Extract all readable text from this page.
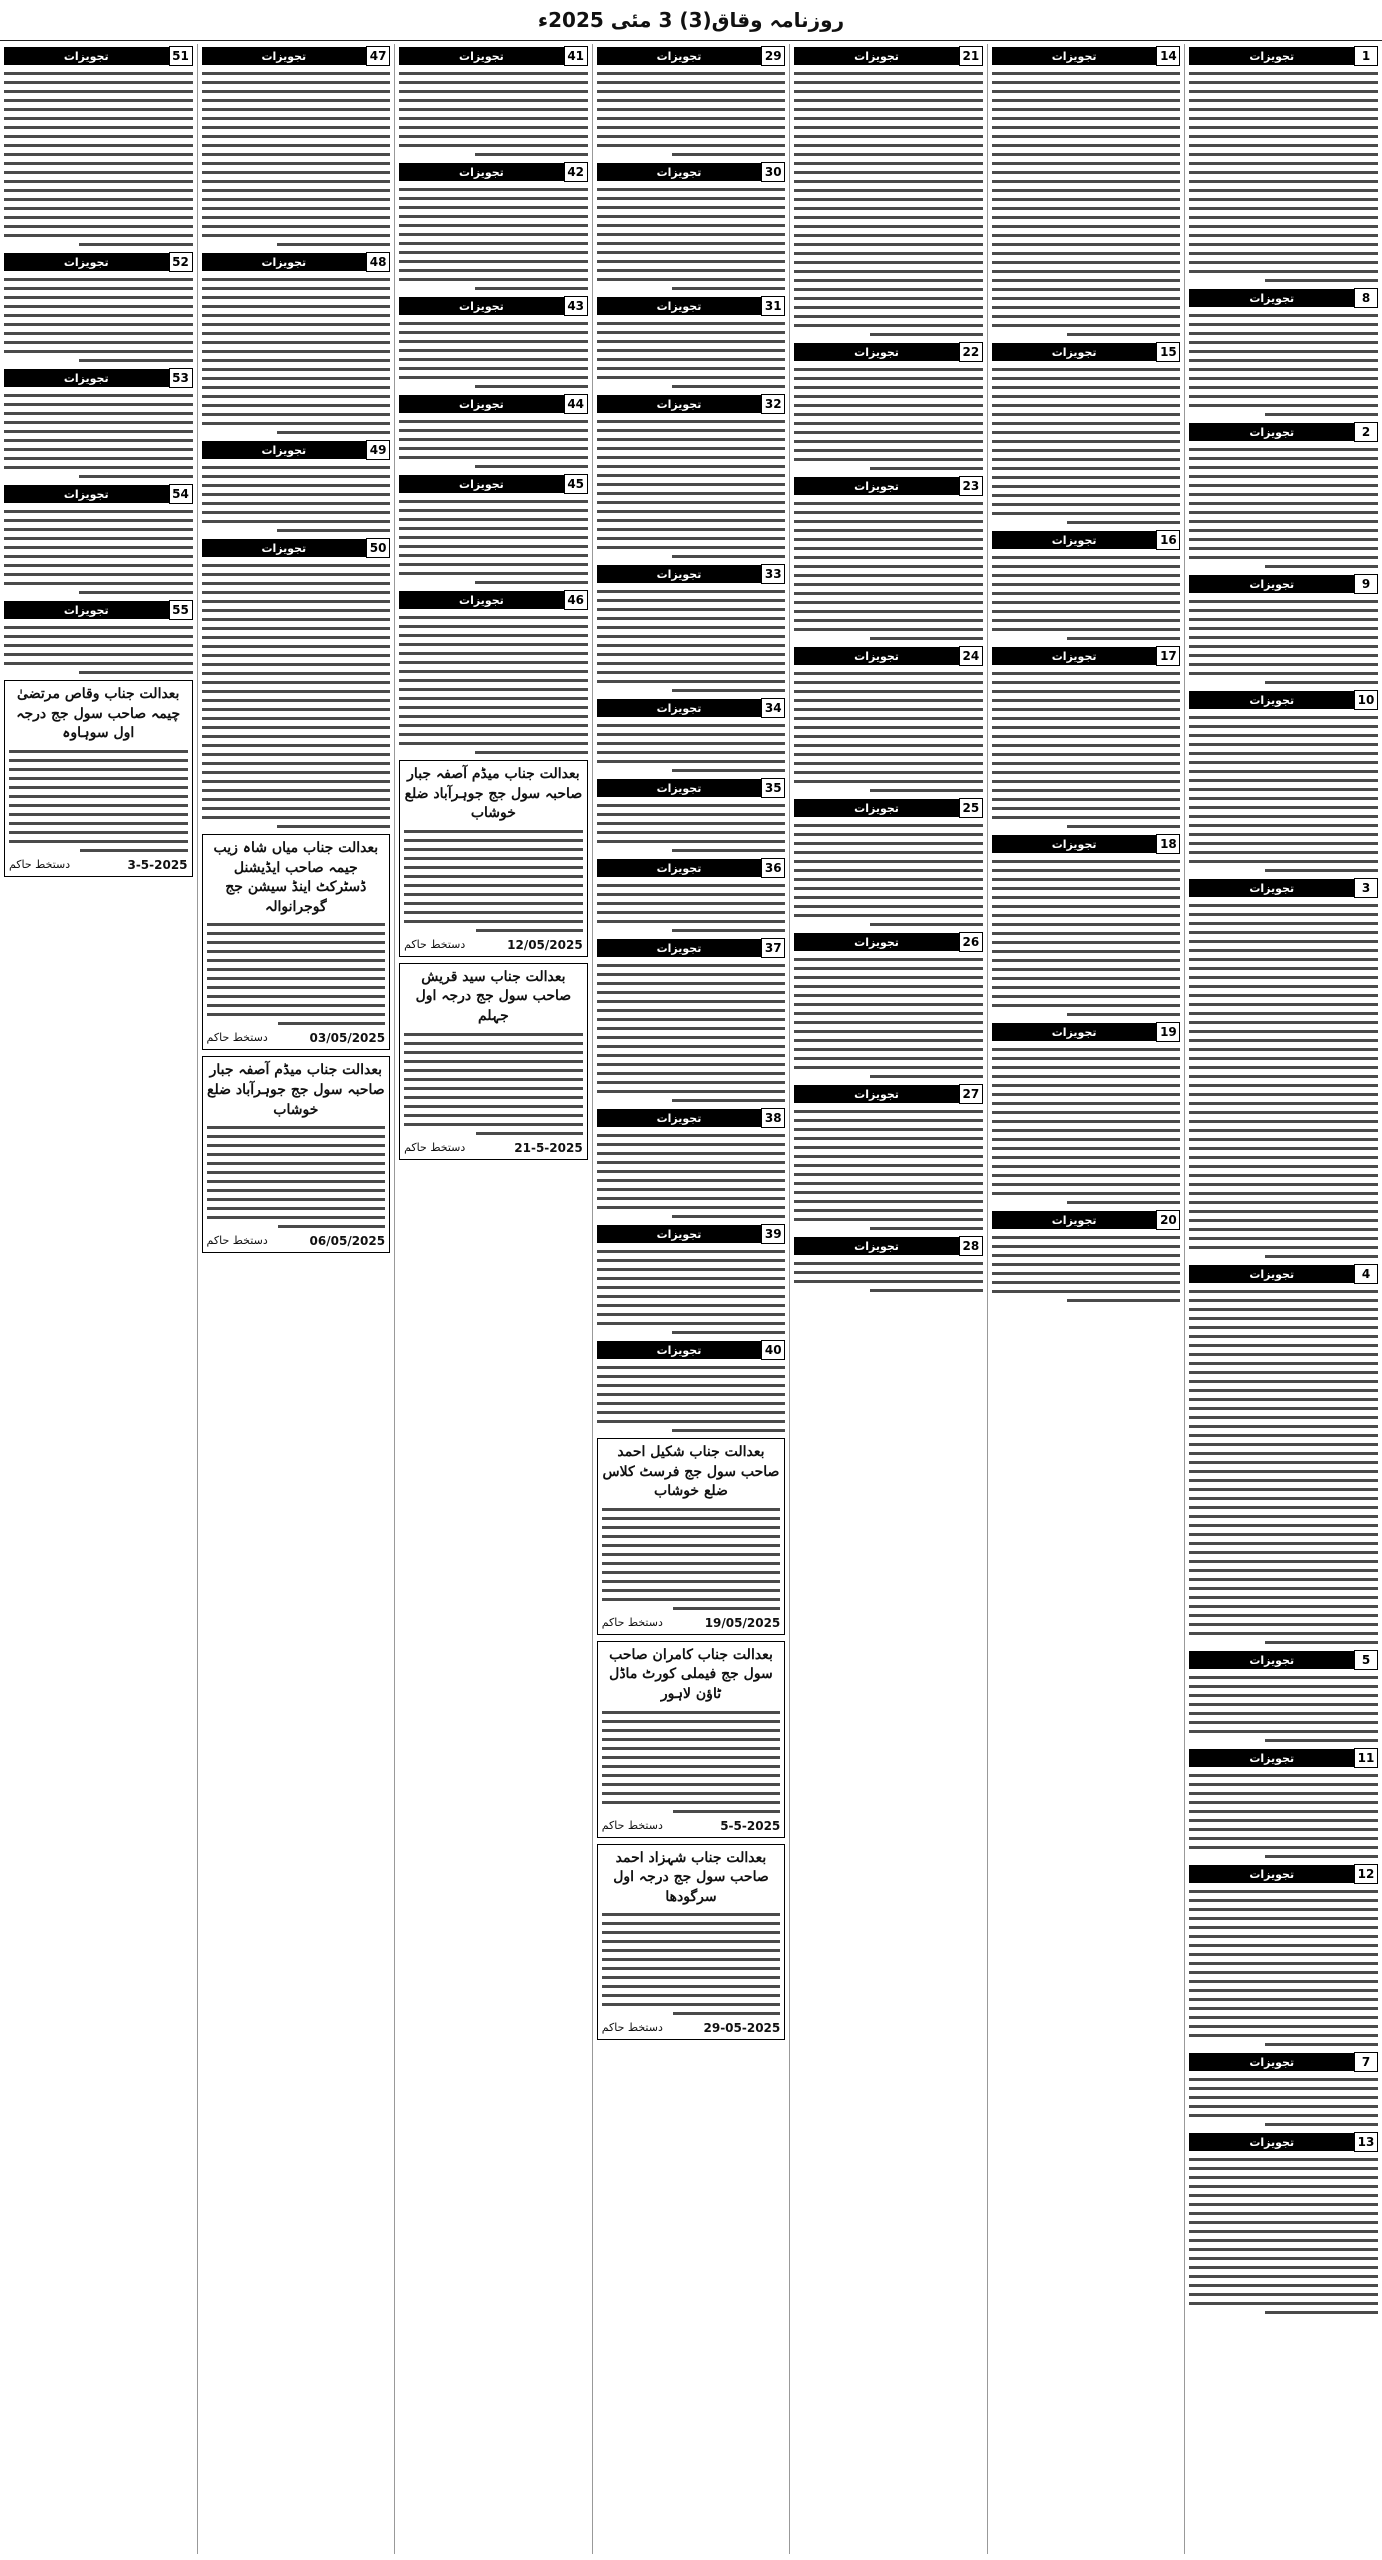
روزنامہ وقاق(3) 3 مئی 2025ء
1
تجویزات
8
تجویزات
2
تجویزات
9
تجویزات
10
تجویزات
3
تجویزات
4
تجویزات
5
تجویزات
11
تجویزات
12
تجویزات
7
تجویزات
13
تجویزات
14
تجویزات
15
تجویزات
16
تجویزات
17
تجویزات
18
تجویزات
19
تجویزات
20
تجویزات
21
تجویزات
22
تجویزات
23
تجویزات
24
تجویزات
25
تجویزات
26
تجویزات
27
تجویزات
28
تجویزات
29
تجویزات
30
تجویزات
31
تجویزات
32
تجویزات
33
تجویزات
34
تجویزات
35
تجویزات
36
تجویزات
37
تجویزات
38
تجویزات
39
تجویزات
40
تجویزات
بعدالت جناب شکیل احمد صاحب سول جج فرسٹ کلاس ضلع خوشاب
19/05/2025
دستخط حاکم
بعدالت جناب کامران صاحب سول جج فیملی کورٹ ماڈل ٹاؤن لاہور
5-5-2025
دستخط حاکم
بعدالت جناب شہزاد احمد صاحب سول جج درجہ اول سرگودھا
29-05-2025
دستخط حاکم
41
تجویزات
42
تجویزات
43
تجویزات
44
تجویزات
45
تجویزات
46
تجویزات
بعدالت جناب میڈم آصفہ جبار صاحبہ سول جج جوہرآباد ضلع خوشاب
12/05/2025
دستخط حاکم
بعدالت جناب سید قریش صاحب سول جج درجہ اول جہلم
21-5-2025
دستخط حاکم
47
تجویزات
48
تجویزات
49
تجویزات
50
تجویزات
بعدالت جناب میاں شاہ زیب جیمہ صاحب ایڈیشنل ڈسٹرکٹ اینڈ سیشن جج گوجرانوالہ
03/05/2025
دستخط حاکم
بعدالت جناب میڈم آصفہ جبار صاحبہ سول جج جوہرآباد ضلع خوشاب
06/05/2025
دستخط حاکم
51
تجویزات
52
تجویزات
53
تجویزات
54
تجویزات
55
تجویزات
بعدالت جناب وقاص مرتضیٰ چیمہ صاحب سول جج درجہ اول سوہاوہ
3-5-2025
دستخط حاکم
